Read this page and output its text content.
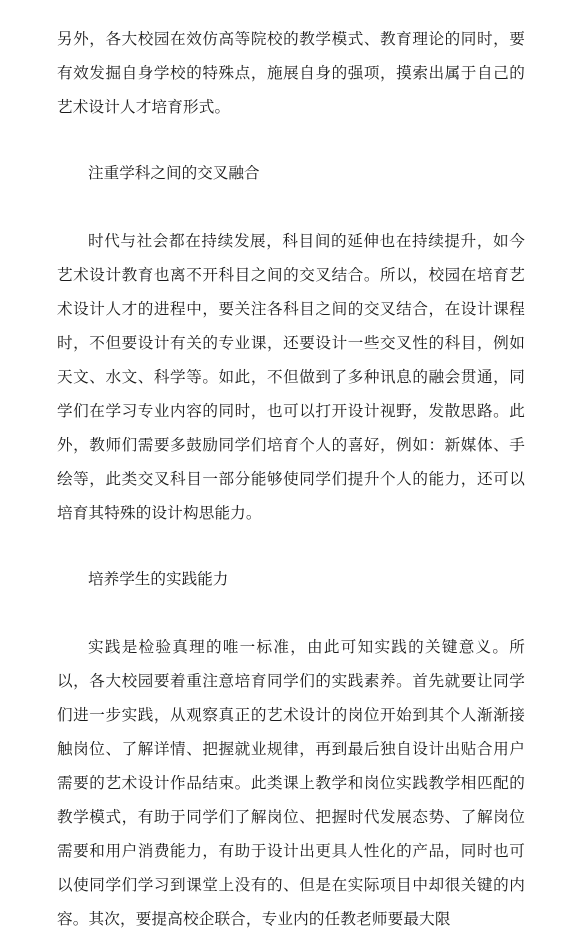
另外，各大校园在效仿高等院校的教学模式、教育理论的同时，要有效发掘自身学校的特殊点，施展自身的强项，摸索出属于自己的艺术设计人才培育形式。

注重学科之间的交叉融合

时代与社会都在持续发展，科目间的延伸也在持续提升，如今艺术设计教育也离不开科目之间的交叉结合。所以，校园在培育艺术设计人才的进程中，要关注各科目之间的交叉结合，在设计课程时，不但要设计有关的专业课，还要设计一些交叉性的科目，例如天文、水文、科学等。如此，不但做到了多种讯息的融会贯通，同学们在学习专业内容的同时，也可以打开设计视野，发散思路。此外，教师们需要多鼓励同学们培育个人的喜好，例如：新媒体、手绘等，此类交叉科目一部分能够使同学们提升个人的能力，还可以培育其特殊的设计构思能力。

培养学生的实践能力

实践是检验真理的唯一标准，由此可知实践的关键意义。所以，各大校园要着重注意培育同学们的实践素养。首先就要让同学们进一步实践，从观察真正的艺术设计的岗位开始到其个人渐渐接触岗位、了解详情、把握就业规律，再到最后独自设计出贴合用户需要的艺术设计作品结束。此类课上教学和岗位实践教学相匹配的教学模式，有助于同学们了解岗位、把握时代发展态势、了解岗位需要和用户消费能力，有助于设计出更具人性化的产品，同时也可以使同学们学习到课堂上没有的、但是在实际项目中却很关键的内容。其次，要提高校企联合，专业内的任教老师要最大限
